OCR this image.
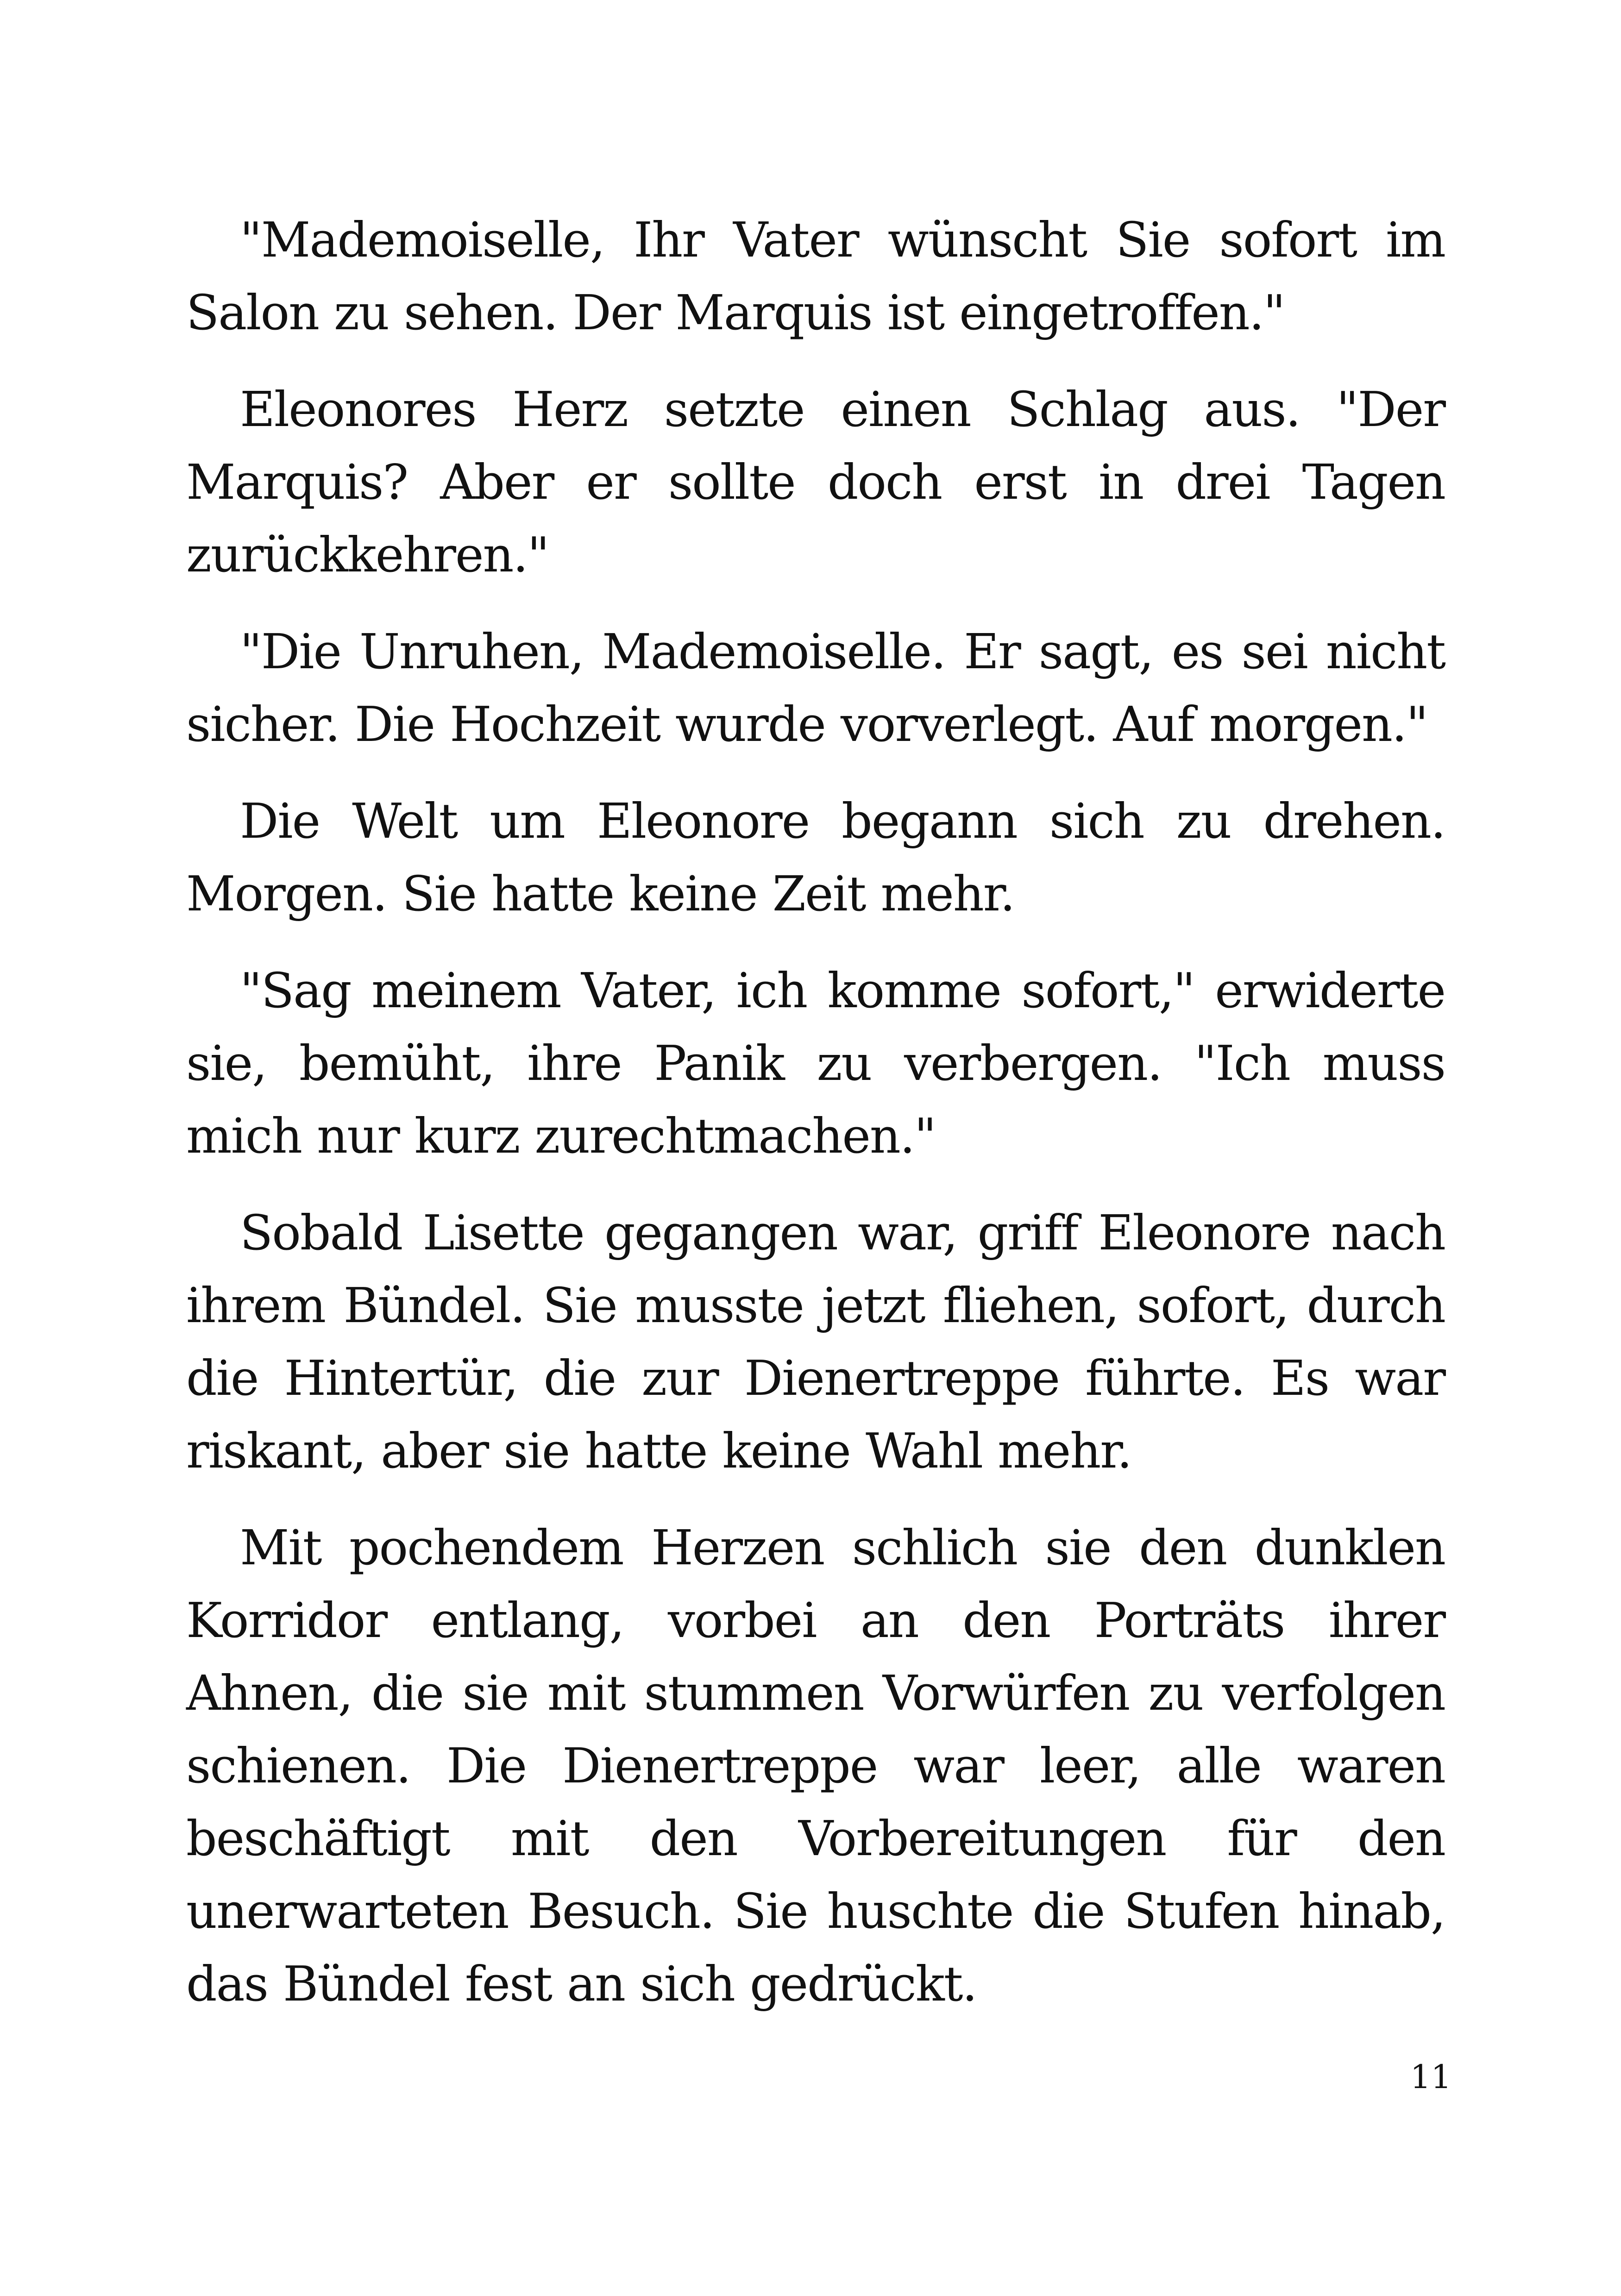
"Mademoiselle, Ihr Vater wünscht Sie sofort im Salon zu sehen. Der Marquis ist eingetroffen."

Eleonores Herz setzte einen Schlag aus. "Der Marquis? Aber er sollte doch erst in drei Tagen zurückkehren."

"Die Unruhen, Mademoiselle. Er sagt, es sei nicht sicher. Die Hochzeit wurde vorverlegt. Auf morgen."

Die Welt um Eleonore begann sich zu drehen. Morgen. Sie hatte keine Zeit mehr.

"Sag meinem Vater, ich komme sofort," erwiderte sie, bemüht, ihre Panik zu verbergen. "Ich muss mich nur kurz zurechtmachen."

Sobald Lisette gegangen war, griff Eleonore nach ihrem Bündel. Sie musste jetzt fliehen, sofort, durch die Hintertür, die zur Dienertreppe führte. Es war riskant, aber sie hatte keine Wahl mehr.

Mit pochendem Herzen schlich sie den dunklen Korridor entlang, vorbei an den Porträts ihrer Ahnen, die sie mit stummen Vorwürfen zu verfolgen schienen. Die Dienertreppe war leer, alle waren beschäftigt mit den Vorbereitungen für den unerwarteten Besuch. Sie huschte die Stufen hinab, das Bündel fest an sich gedrückt.

11
